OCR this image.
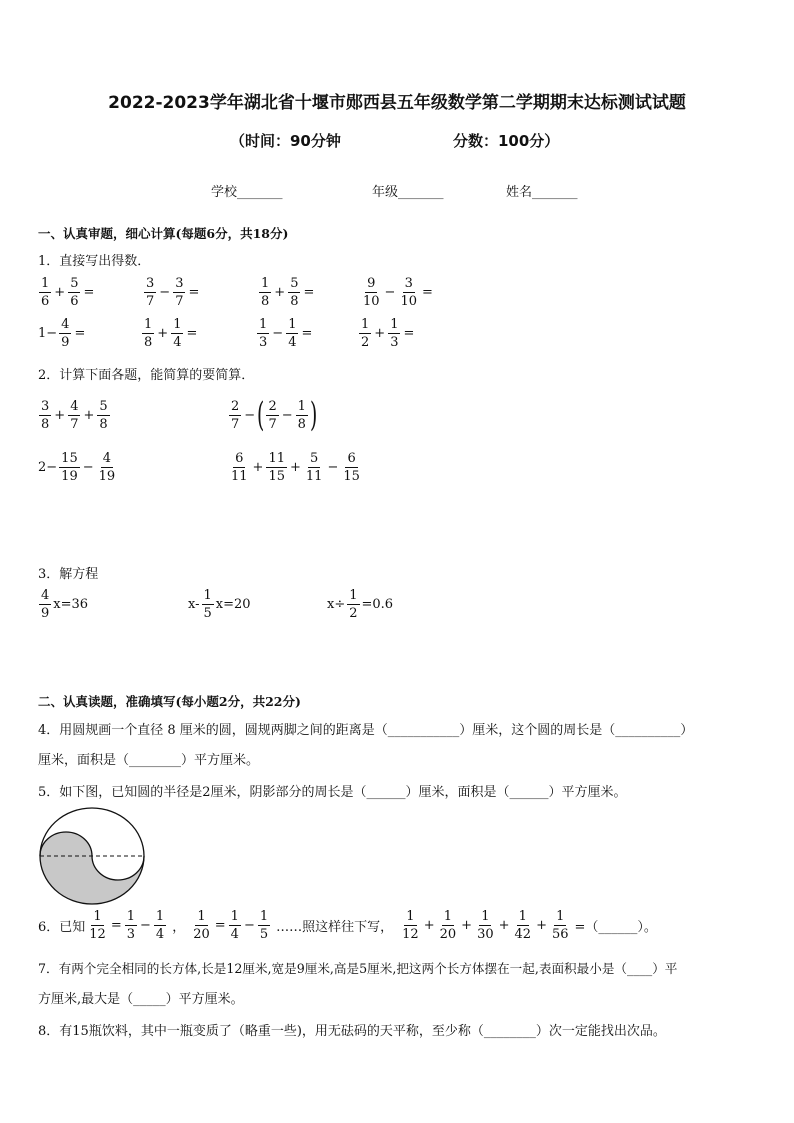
2022-2023学年湖北省十堰市郧西县五年级数学第二学期期末达标测试试题
（时间：90分钟	分数：100分）
学校_______	年级_______	姓名_______
一、认真审题，细心计算(每题6分，共18分)
1．直接写出得数．
$\frac{1}{6} + \frac{5}{6}$ =	$\frac{3}{7} - \frac{3}{7}$ =	$\frac{1}{8} + \frac{5}{8}$ =	$\frac{9}{10} - \frac{3}{10}$ =
$1- \frac{4}{9}$ =	$\frac{1}{8} + \frac{1}{4}$ =	$\frac{1}{3} - \frac{1}{4}$ =	$\frac{1}{2} + \frac{1}{3}$ =
2．计算下面各题，能简算的要简算．
$\frac{3}{8} + \frac{4}{7} + \frac{5}{8}$	$\frac{2}{7}$ − ( $\frac{2}{7} - \frac{1}{8}$ )
$2- \frac{15}{19} - \frac{4}{19}$	$\frac{6}{11} + \frac{11}{15} + \frac{5}{11} - \frac{6}{15}$
3．解方程
$\frac{4}{9} x=36$	$x- \frac{1}{5} x=20$	$x\div \frac{1}{2} =0.6$
二、认真读题，准确填写(每小题2分，共22分)
4．用圆规画一个直径 8 厘米的圆，圆规两脚之间的距离是（___________）厘米，这个圆的周长是（__________）
厘米，面积是（________）平方厘米。
5．如下图，已知圆的半径是2厘米，阴影部分的周长是（______）厘米，面积是（______）平方厘米。
6．已知 $\frac{1}{12} = \frac{1}{3} - \frac{1}{4}$ ， $\frac{1}{20} = \frac{1}{4} - \frac{1}{5}$ ……照这样往下写， $\frac{1}{12} + \frac{1}{20} + \frac{1}{30} + \frac{1}{42} + \frac{1}{56}$ =（______）。
7．有两个完全相同的长方体,长是12厘米,宽是9厘米,高是5厘米,把这两个长方体摆在一起,表面积最小是（____）平
方厘米,最大是（_____）平方厘米。
8．有15瓶饮料，其中一瓶变质了（略重一些)，用无砝码的天平称，至少称（________）次一定能找出次品。
